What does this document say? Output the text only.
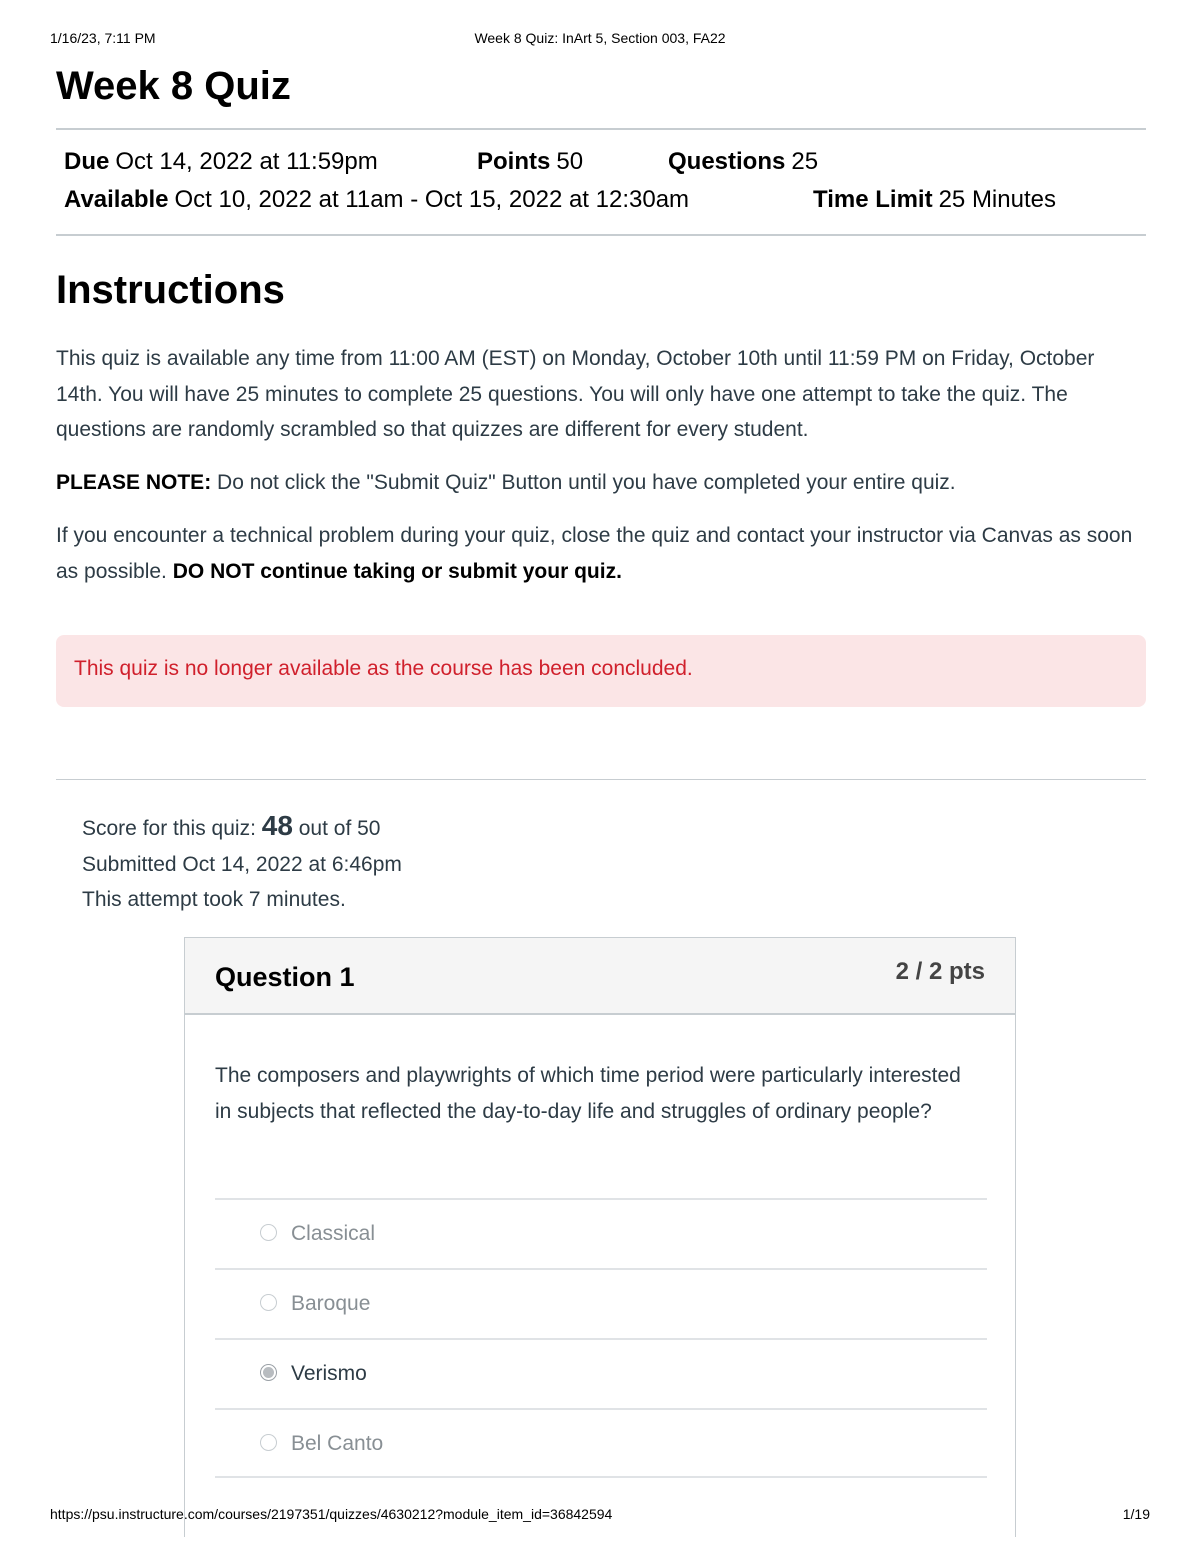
1/16/23, 7:11 PM	Week 8 Quiz: InArt 5, Section 003, FA22
Week 8 Quiz
Due Oct 14, 2022 at 11:59pm	Points 50	Questions 25
Available Oct 10, 2022 at 11am - Oct 15, 2022 at 12:30am	Time Limit 25 Minutes
Instructions

This quiz is available any time from 11:00 AM (EST) on Monday, October 10th until 11:59 PM on Friday, October 14th. You will have 25 minutes to complete 25 questions. You will only have one attempt to take the quiz. The questions are randomly scrambled so that quizzes are different for every student.

PLEASE NOTE: Do not click the "Submit Quiz" Button until you have completed your entire quiz.

If you encounter a technical problem during your quiz, close the quiz and contact your instructor via Canvas as soon as possible. DO NOT continue taking or submit your quiz.

This quiz is no longer available as the course has been concluded.
Score for this quiz: 48 out of 50
Submitted Oct 14, 2022 at 6:46pm
This attempt took 7 minutes.
Question 1	2 / 2 pts

The composers and playwrights of which time period were particularly interested in subjects that reflected the day-to-day life and struggles of ordinary people?

Classical
Baroque
Verismo
Bel Canto
https://psu.instructure.com/courses/2197351/quizzes/4630212?module_item_id=36842594	1/19
